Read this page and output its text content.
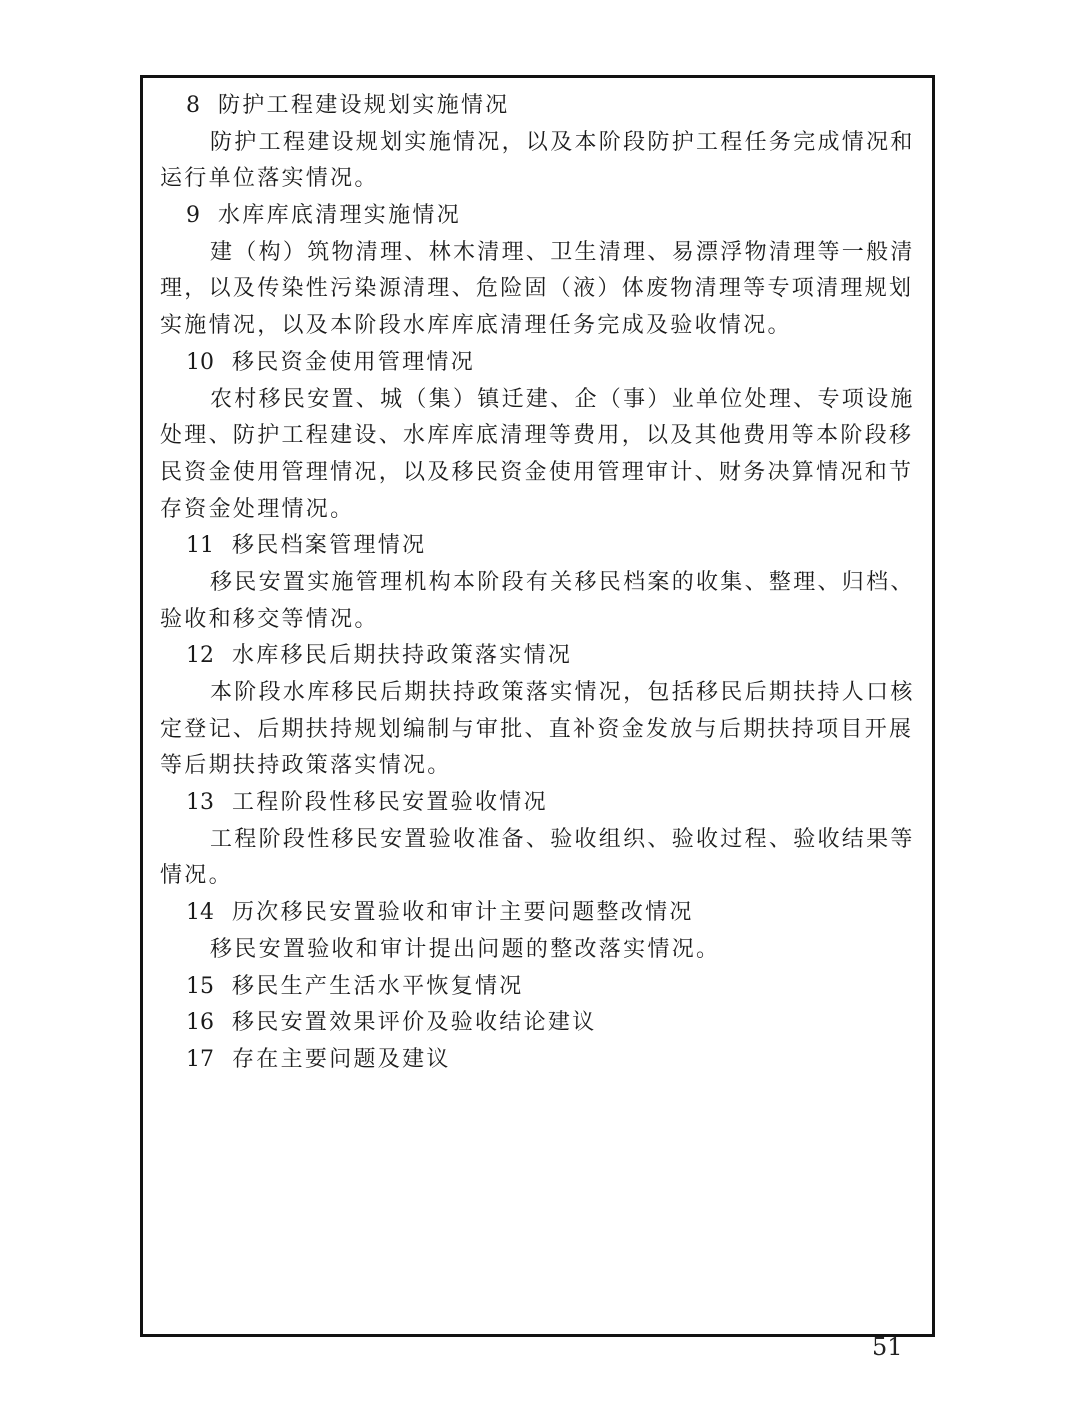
8 防护工程建设规划实施情况
防护工程建设规划实施情况，以及本阶段防护工程任务完成情况和
运行单位落实情况。
9 水库库底清理实施情况
建（构）筑物清理、林木清理、卫生清理、易漂浮物清理等一般清
理，以及传染性污染源清理、危险固（液）体废物清理等专项清理规划
实施情况，以及本阶段水库库底清理任务完成及验收情况。
10 移民资金使用管理情况
农村移民安置、城（集）镇迁建、企（事）业单位处理、专项设施
处理、防护工程建设、水库库底清理等费用，以及其他费用等本阶段移
民资金使用管理情况，以及移民资金使用管理审计、财务决算情况和节
存资金处理情况。
11 移民档案管理情况
移民安置实施管理机构本阶段有关移民档案的收集、整理、归档、
验收和移交等情况。
12 水库移民后期扶持政策落实情况
本阶段水库移民后期扶持政策落实情况，包括移民后期扶持人口核
定登记、后期扶持规划编制与审批、直补资金发放与后期扶持项目开展
等后期扶持政策落实情况。
13 工程阶段性移民安置验收情况
工程阶段性移民安置验收准备、验收组织、验收过程、验收结果等
情况。
14 历次移民安置验收和审计主要问题整改情况
移民安置验收和审计提出问题的整改落实情况。
15 移民生产生活水平恢复情况
16 移民安置效果评价及验收结论建议
17 存在主要问题及建议
51
